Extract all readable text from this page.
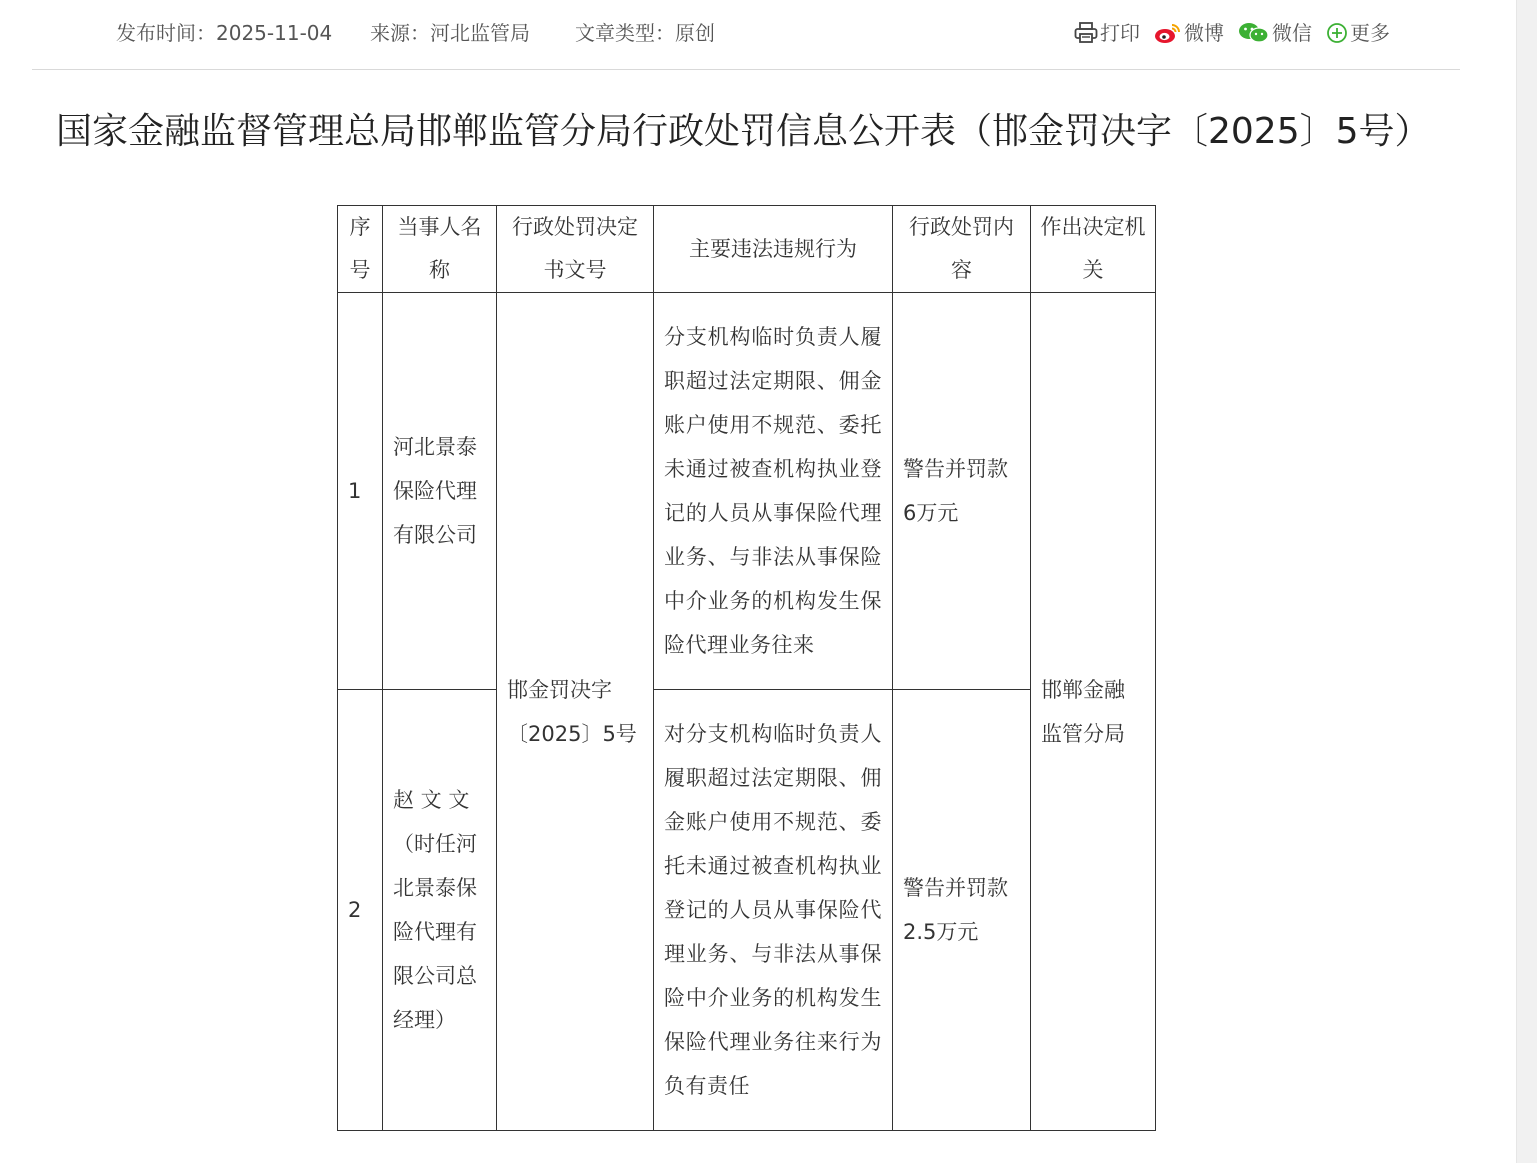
发布时间：2025-11-04 来源：河北监管局 文章类型：原创	打印 微博 微信 更多
国家金融监督管理总局邯郸监管分局行政处罚信息公开表（邯金罚决字〔2025〕5号）
序号	当事人名称	行政处罚决定书文号	主要违法违规行为	行政处罚内容	作出决定机关
1	河北景泰保险代理有限公司	邯金罚决字〔2025〕5号	分支机构临时负责人履职超过法定期限、佣金账户使用不规范、委托未通过被查机构执业登记的人员从事保险代理业务、与非法从事保险中介业务的机构发生保险代理业务往来	警告并罚款6万元	邯郸金融监管分局
2	赵 文 文（时任河北景泰保险代理有限公司总经理）		对分支机构临时负责人履职超过法定期限、佣金账户使用不规范、委托未通过被查机构执业登记的人员从事保险代理业务、与非法从事保险中介业务的机构发生保险代理业务往来行为负有责任	警告并罚款2.5万元	
